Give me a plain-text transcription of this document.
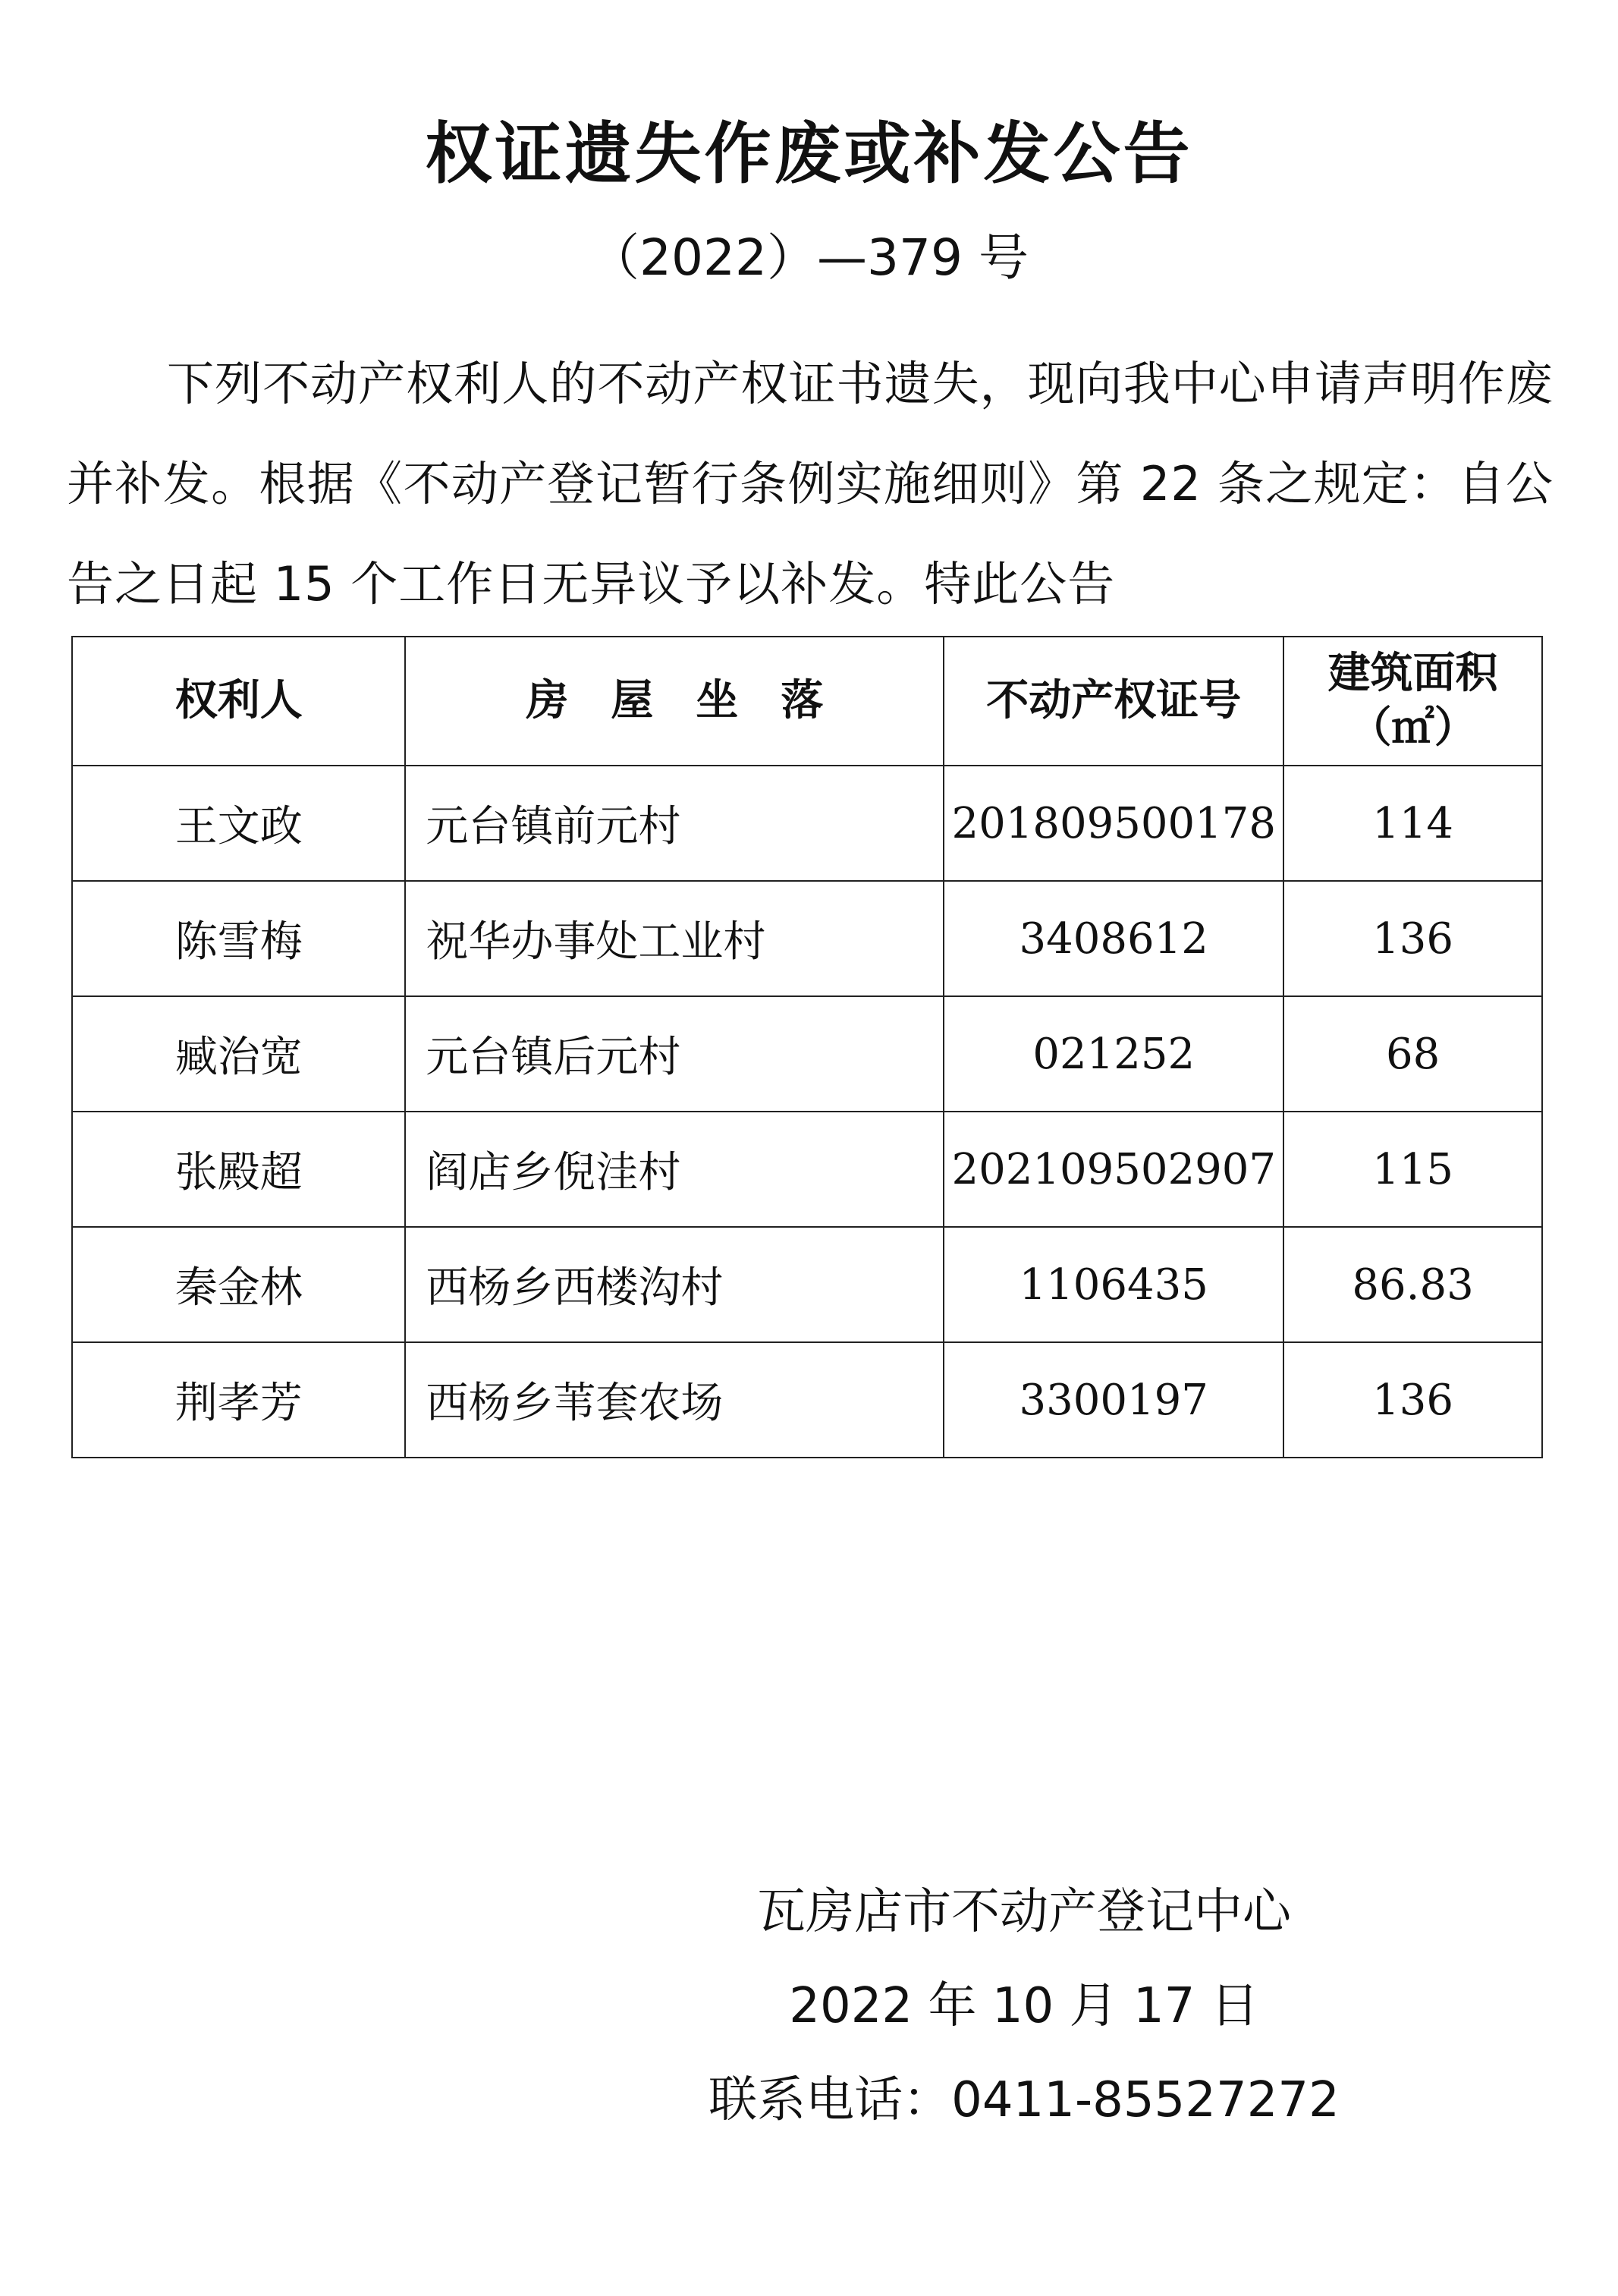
权证遗失作废或补发公告
（2022）—379 号
下列不动产权利人的不动产权证书遗失，现向我中心申请声明作废并补发。根据《不动产登记暂行条例实施细则》第 22 条之规定：自公告之日起 15 个工作日无异议予以补发。特此公告
权利人	房　屋　坐　落	不动产权证号	建筑面积
（㎡）
王文政	元台镇前元村	201809500178	114
陈雪梅	祝华办事处工业村	3408612	136
臧治宽	元台镇后元村	021252	68
张殿超	阎店乡倪洼村	202109502907	115
秦金林	西杨乡西楼沟村	1106435	86.83
荆孝芳	西杨乡苇套农场	3300197	136
瓦房店市不动产登记中心
2022 年 10 月 17 日
联系电话：0411-85527272
